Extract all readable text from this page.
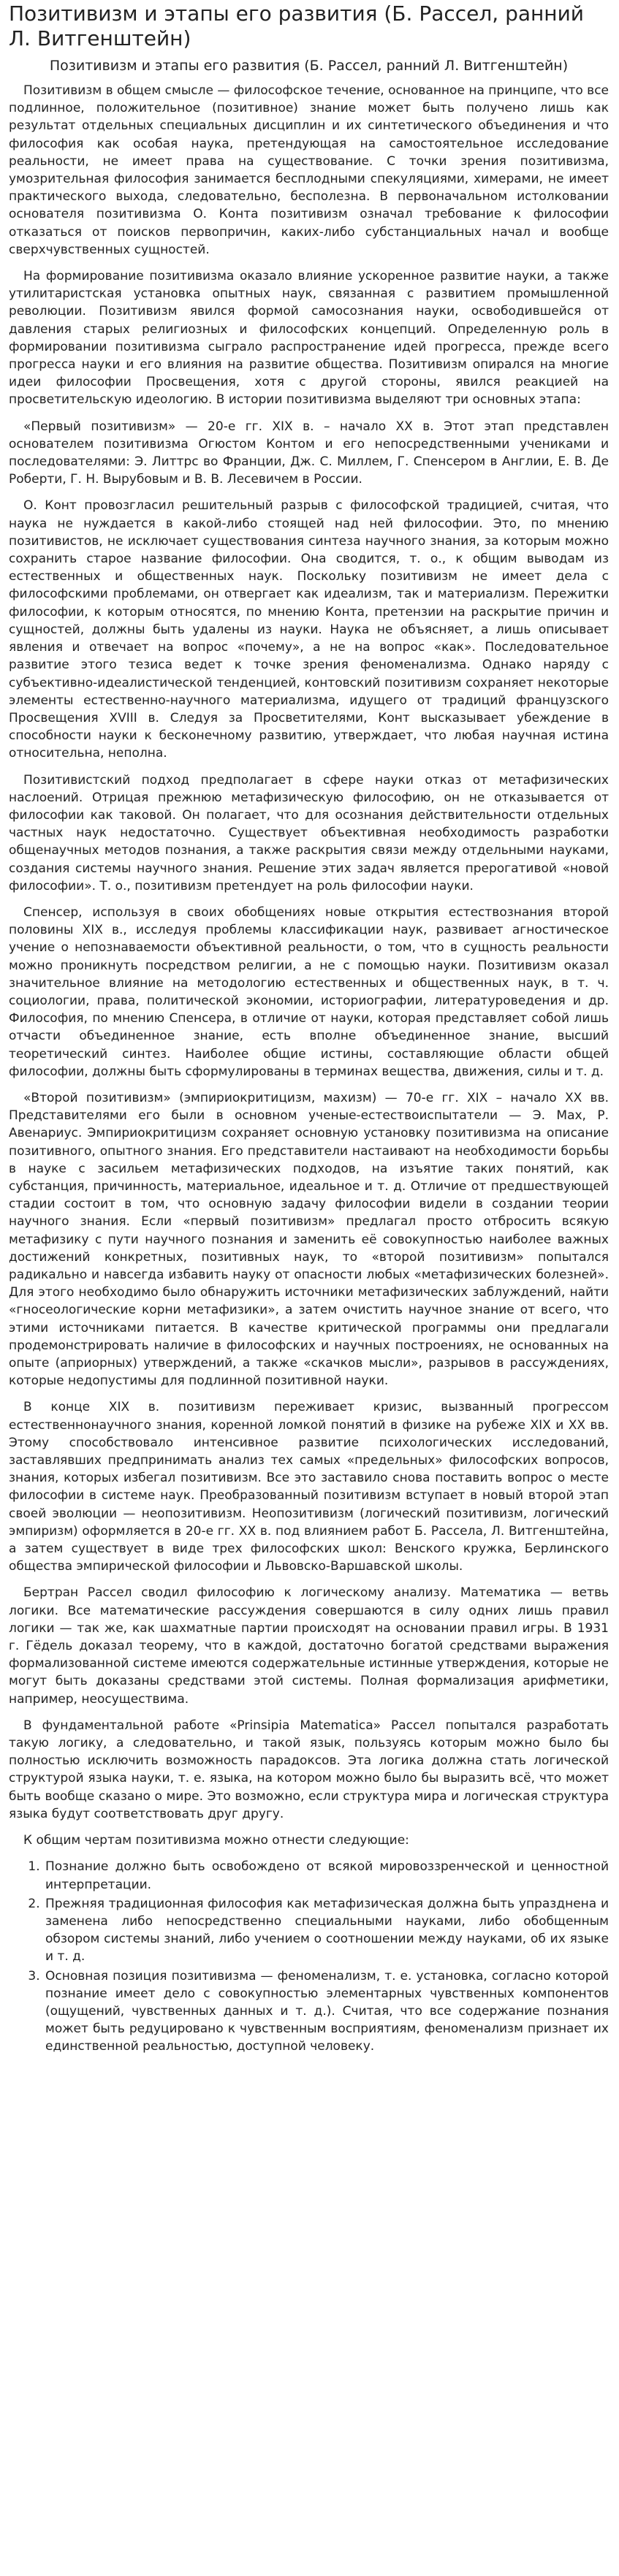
Позитивизм и этапы его развития (Б. Рассел, ранний Л. Витгенштейн)
Позитивизм и этапы его развития (Б. Рассел, ранний Л. Витгенштейн)

Позитивизм в общем смысле — философское течение, основанное на принципе, что все подлинное, положительное (позитивное) знание может быть получено лишь как результат отдельных специальных дисциплин и их синтетического объединения и что философия как особая наука, претендующая на самостоятельное исследование реальности, не имеет права на существование. С точки зрения позитивизма, умозрительная философия занимается бесплодными спекуляциями, химерами, не имеет практического выхода, следовательно, бесполезна. В первоначальном истолковании основателя позитивизма О. Конта позитивизм означал требование к философии отказаться от поисков первопричин, каких-либо субстанциальных начал и вообще сверхчувственных сущностей.

На формирование позитивизма оказало влияние ускоренное развитие науки, а также утилитаристская установка опытных наук, связанная с развитием промышленной революции. Позитивизм явился формой самосознания науки, освободившейся от давления старых религиозных и философских концепций. Определенную роль в формировании позитивизма сыграло распространение идей прогресса, прежде всего прогресса науки и его влияния на развитие общества. Позитивизм опирался на многие идеи философии Просвещения, хотя с другой стороны, явился реакцией на просветительскую идеологию. В истории позитивизма выделяют три основных этапа:

«Первый позитивизм» — 20-е гг. XIX в. – начало XX в. Этот этап представлен основателем позитивизма Огюстом Контом и его непосредственными учениками и последователями: Э. Литтрс во Франции, Дж. С. Миллем, Г. Спенсером в Англии, Е. В. Де Роберти, Г. Н. Вырубовым и В. В. Лесевичем в России.

О. Конт провозгласил решительный разрыв с философской традицией, считая, что наука не нуждается в какой-либо стоящей над ней философии. Это, по мнению позитивистов, не исключает существования синтеза научного знания, за которым можно сохранить старое название философии. Она сводится, т. о., к общим выводам из естественных и общественных наук. Поскольку позитивизм не имеет дела с философскими проблемами, он отвергает как идеализм, так и материализм. Пережитки философии, к которым относятся, по мнению Конта, претензии на раскрытие причин и сущностей, должны быть удалены из науки. Наука не объясняет, а лишь описывает явления и отвечает на вопрос «почему», а не на вопрос «как». Последовательное развитие этого тезиса ведет к точке зрения феноменализма. Однако наряду с субъективно-идеалистической тенденцией, контовский позитивизм сохраняет некоторые элементы естественно-научного материализма, идущего от традиций французского Просвещения XVIII в. Следуя за Просветителями, Конт высказывает убеждение в способности науки к бесконечному развитию, утверждает, что любая научная истина относительна, неполна.

Позитивистский подход предполагает в сфере науки отказ от метафизических наслоений. Отрицая прежнюю метафизическую философию, он не отказывается от философии как таковой. Он полагает, что для осознания действительности отдельных частных наук недостаточно. Существует объективная необходимость разработки общенаучных методов познания, а также раскрытия связи между отдельными науками, создания системы научного знания. Решение этих задач является прерогативой «новой философии». Т. о., позитивизм претендует на роль философии науки.

Спенсер, используя в своих обобщениях новые открытия естествознания второй половины XIX в., исследуя проблемы классификации наук, развивает агностическое учение о непознаваемости объективной реальности, о том, что в сущность реальности можно проникнуть посредством религии, а не с помощью науки. Позитивизм оказал значительное влияние на методологию естественных и общественных наук, в т. ч. социологии, права, политической экономии, историографии, литературоведения и др. Философия, по мнению Спенсера, в отличие от науки, которая представляет собой лишь отчасти объединенное знание, есть вполне объединенное знание, высший теоретический синтез. Наиболее общие истины, составляющие области общей философии, должны быть сформулированы в терминах вещества, движения, силы и т. д.

«Второй позитивизм» (эмпириокритицизм, махизм) — 70-е гг. XIX – начало XX вв. Представителями его были в основном ученые-естествоиспытатели — Э. Мах, Р. Авенариус. Эмпириокритицизм сохраняет основную установку позитивизма на описание позитивного, опытного знания. Его представители настаивают на необходимости борьбы в науке с засильем метафизических подходов, на изъятие таких понятий, как субстанция, причинность, материальное, идеальное и т. д. Отличие от предшествующей стадии состоит в том, что основную задачу философии видели в создании теории научного знания. Если «первый позитивизм» предлагал просто отбросить всякую метафизику с пути научного познания и заменить её совокупностью наиболее важных достижений конкретных, позитивных наук, то «второй позитивизм» попытался радикально и навсегда избавить науку от опасности любых «метафизических болезней». Для этого необходимо было обнаружить источники метафизических заблуждений, найти «гносеологические корни метафизики», а затем очистить научное знание от всего, что этими источниками питается. В качестве критической программы они предлагали продемонстрировать наличие в философских и научных построениях, не основанных на опыте (априорных) утверждений, а также «скачков мысли», разрывов в рассуждениях, которые недопустимы для подлинной позитивной науки.

В конце XIX в. позитивизм переживает кризис, вызванный прогрессом естественнонаучного знания, коренной ломкой понятий в физике на рубеже XIX и XX вв. Этому способствовало интенсивное развитие психологических исследований, заставлявших предпринимать анализ тех самых «предельных» философских вопросов, знания, которых избегал позитивизм. Все это заставило снова поставить вопрос о месте философии в системе наук. Преобразованный позитивизм вступает в новый второй этап своей эволюции — неопозитивизм. Неопозитивизм (логический позитивизм, логический эмпиризм) оформляется в 20-е гг. XX в. под влиянием работ Б. Рассела, Л. Витгенштейна, а затем существует в виде трех философских школ: Венского кружка, Берлинского общества эмпирической философии и Львовско-Варшавской школы.

Бертран Рассел сводил философию к логическому анализу. Математика — ветвь логики. Все математические рассуждения совершаются в силу одних лишь правил логики — так же, как шахматные партии происходят на основании правил игры. В 1931 г. Гёдель доказал теорему, что в каждой, достаточно богатой средствами выражения формализованной системе имеются содержательные истинные утверждения, которые не могут быть доказаны средствами этой системы. Полная формализация арифметики, например, неосуществима.

В фундаментальной работе «Prinsipia Matematica» Рассел попытался разработать такую логику, а следовательно, и такой язык, пользуясь которым можно было бы полностью исключить возможность парадоксов. Эта логика должна стать логической структурой языка науки, т. е. языка, на котором можно было бы выразить всё, что может быть вообще сказано о мире. Это возможно, если структура мира и логическая структура языка будут соответствовать друг другу.

К общим чертам позитивизма можно отнести следующие:

1. Познание должно быть освобождено от всякой мировоззренческой и ценностной интерпретации.
2. Прежняя традиционная философия как метафизическая должна быть упразднена и заменена либо непосредственно специальными науками, либо обобщенным обзором системы знаний, либо учением о соотношении между науками, об их языке и т. д.
3. Основная позиция позитивизма — феноменализм, т. е. установка, согласно которой познание имеет дело с совокупностью элементарных чувственных компонентов (ощущений, чувственных данных и т. д.). Считая, что все содержание познания может быть редуцировано к чувственным восприятиям, феноменализм признает их единственной реальностью, доступной человеку.
